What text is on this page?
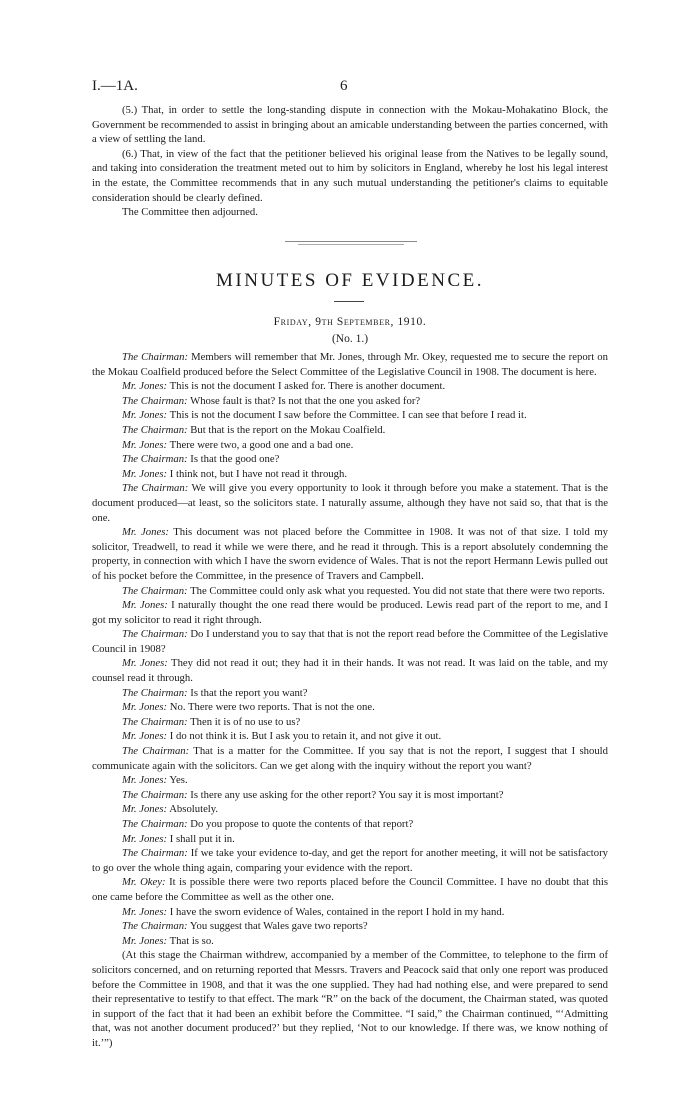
I.—1A.	6

(5.) That, in order to settle the long-standing dispute in connection with the Mokau-Mohakatino Block, the Government be recommended to assist in bringing about an amicable understanding between the parties concerned, with a view of settling the land.

(6.) That, in view of the fact that the petitioner believed his original lease from the Natives to be legally sound, and taking into consideration the treatment meted out to him by solicitors in England, whereby he lost his legal interest in the estate, the Committee recommends that in any such mutual understanding the petitioner's claims to equitable consideration should be clearly defined.

The Committee then adjourned.

MINUTES OF EVIDENCE.
Friday, 9th September, 1910.
(No. 1.)

The Chairman: Members will remember that Mr. Jones, through Mr. Okey, requested me to secure the report on the Mokau Coalfield produced before the Select Committee of the Legislative Council in 1908. The document is here.

Mr. Jones: This is not the document I asked for. There is another document.

The Chairman: Whose fault is that? Is not that the one you asked for?

Mr. Jones: This is not the document I saw before the Committee. I can see that before I read it.

The Chairman: But that is the report on the Mokau Coalfield.

Mr. Jones: There were two, a good one and a bad one.

The Chairman: Is that the good one?

Mr. Jones: I think not, but I have not read it through.

The Chairman: We will give you every opportunity to look it through before you make a statement. That is the document produced—at least, so the solicitors state. I naturally assume, although they have not said so, that that is the one.

Mr. Jones: This document was not placed before the Committee in 1908. It was not of that size. I told my solicitor, Treadwell, to read it while we were there, and he read it through. This is a report absolutely condemning the property, in connection with which I have the sworn evidence of Wales. That is not the report Hermann Lewis pulled out of his pocket before the Committee, in the presence of Travers and Campbell.

The Chairman: The Committee could only ask what you requested. You did not state that there were two reports.

Mr. Jones: I naturally thought the one read there would be produced. Lewis read part of the report to me, and I got my solicitor to read it right through.

The Chairman: Do I understand you to say that that is not the report read before the Committee of the Legislative Council in 1908?

Mr. Jones: They did not read it out; they had it in their hands. It was not read. It was laid on the table, and my counsel read it through.

The Chairman: Is that the report you want?

Mr. Jones: No. There were two reports. That is not the one.

The Chairman: Then it is of no use to us?

Mr. Jones: I do not think it is. But I ask you to retain it, and not give it out.

The Chairman: That is a matter for the Committee. If you say that is not the report, I suggest that I should communicate again with the solicitors. Can we get along with the inquiry without the report you want?

Mr. Jones: Yes.

The Chairman: Is there any use asking for the other report? You say it is most important?

Mr. Jones: Absolutely.

The Chairman: Do you propose to quote the contents of that report?

Mr. Jones: I shall put it in.

The Chairman: If we take your evidence to-day, and get the report for another meeting, it will not be satisfactory to go over the whole thing again, comparing your evidence with the report.

Mr. Okey: It is possible there were two reports placed before the Council Committee. I have no doubt that this one came before the Committee as well as the other one.

Mr. Jones: I have the sworn evidence of Wales, contained in the report I hold in my hand.

The Chairman: You suggest that Wales gave two reports?

Mr. Jones: That is so.

(At this stage the Chairman withdrew, accompanied by a member of the Committee, to telephone to the firm of solicitors concerned, and on returning reported that Messrs. Travers and Peacock said that only one report was produced before the Committee in 1908, and that it was the one supplied. They had had nothing else, and were prepared to send their representative to testify to that effect. The mark “R” on the back of the document, the Chairman stated, was quoted in support of the fact that it had been an exhibit before the Committee. “I said,” the Chairman continued, “‘Admitting that, was not another document produced?’ but they replied, ‘Not to our knowledge. If there was, we know nothing of it.’”)
